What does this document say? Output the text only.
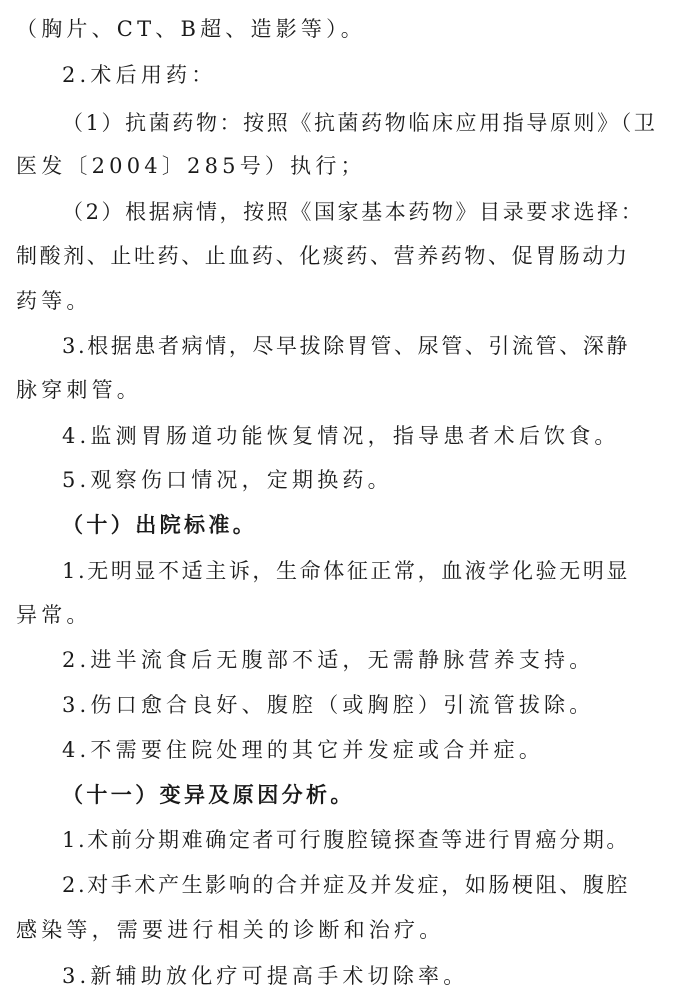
（胸片、CT、B超、造影等）。
2.术后用药：
（1）抗菌药物：按照《抗菌药物临床应用指导原则》（卫
医发〔2004〕285号）执行；
（2）根据病情，按照《国家基本药物》目录要求选择：
制酸剂、止吐药、止血药、化痰药、营养药物、促胃肠动力
药等。
3.根据患者病情，尽早拔除胃管、尿管、引流管、深静
脉穿刺管。
4.监测胃肠道功能恢复情况，指导患者术后饮食。
5.观察伤口情况，定期换药。
（十）出院标准。
1.无明显不适主诉，生命体征正常，血液学化验无明显
异常。
2.进半流食后无腹部不适，无需静脉营养支持。
3.伤口愈合良好、腹腔（或胸腔）引流管拔除。
4.不需要住院处理的其它并发症或合并症。
（十一）变异及原因分析。
1.术前分期难确定者可行腹腔镜探查等进行胃癌分期。
2.对手术产生影响的合并症及并发症，如肠梗阻、腹腔
感染等，需要进行相关的诊断和治疗。
3.新辅助放化疗可提高手术切除率。
